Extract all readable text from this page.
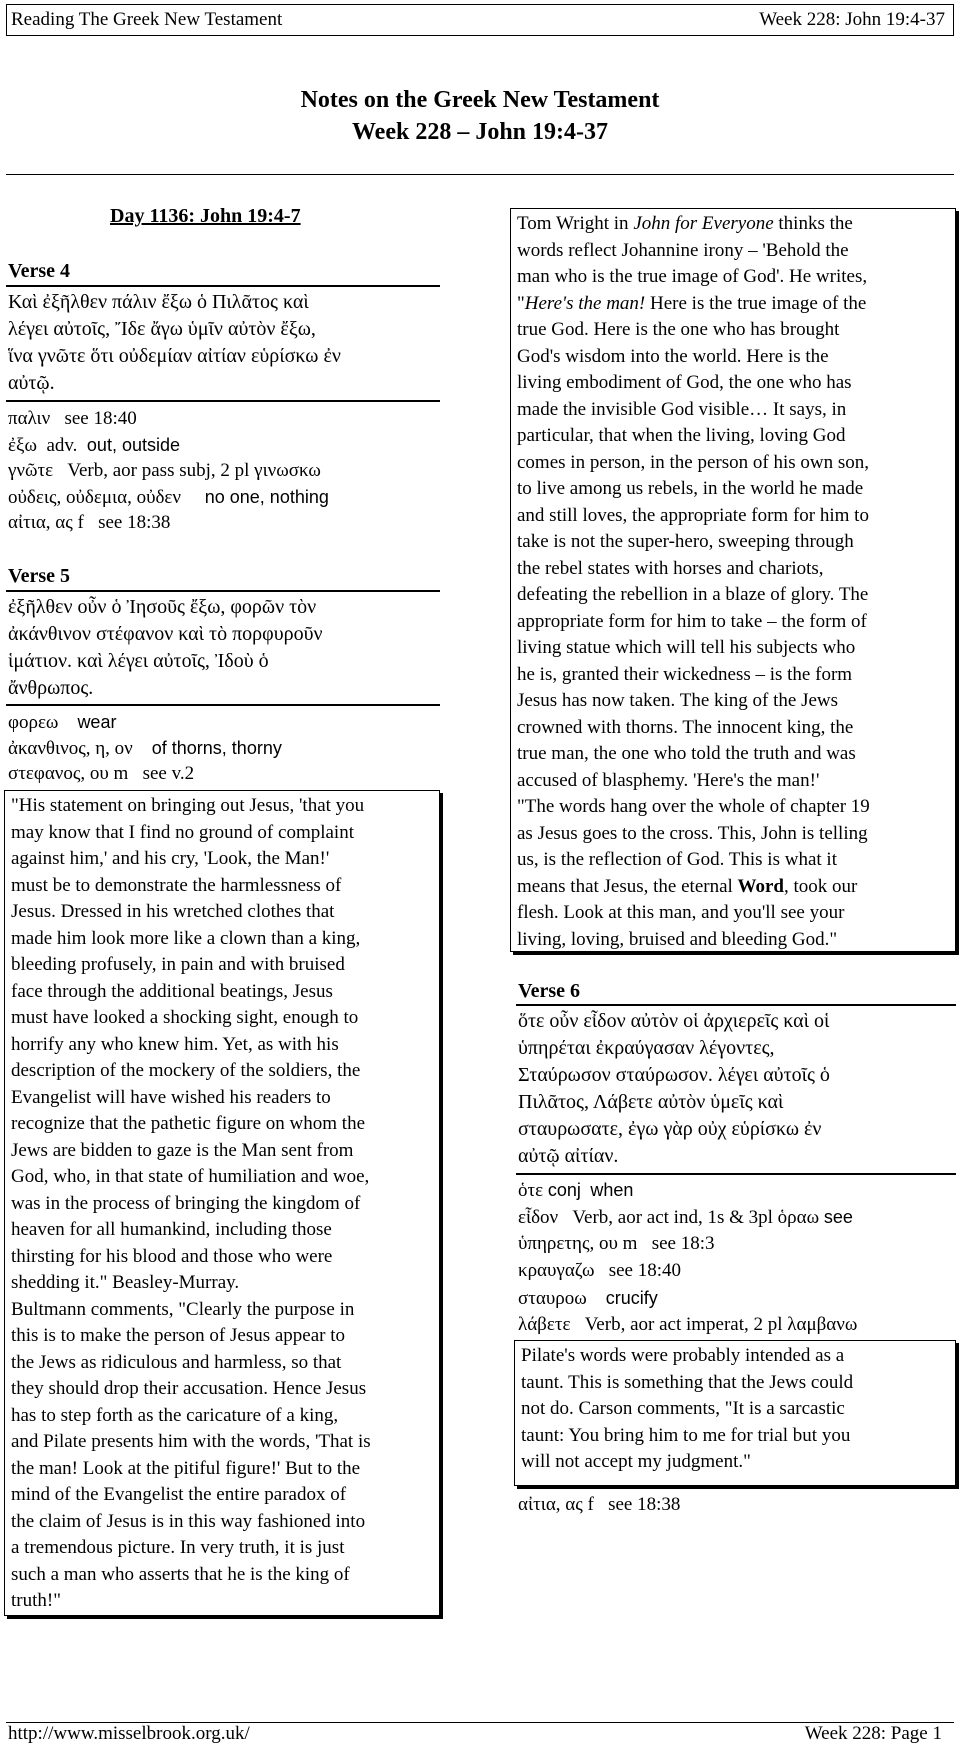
Reading The Greek New Testament	Week 228: John 19:4-37
Notes on the Greek New Testament
Week 228 – John 19:4-37
Day 1136: John 19:4-7
Verse 4
Καὶ ἐξῆλθεν πάλιν ἔξω ὁ Πιλᾶτος καὶ
λέγει αὐτοῖς, Ἴδε ἄγω ὑμῖν αὐτὸν ἔξω,
ἵνα γνῶτε ὅτι οὐδεμίαν αἰτίαν εὑρίσκω ἐν
αὐτῷ.
παλιν see 18:40
ἐξω adv. out, outside
γνῶτε Verb, aor pass subj, 2 pl γινωσκω
οὐδεις, οὐδεμια, οὐδεν no one, nothing
αἰτια, ας f see 18:38
Verse 5
ἐξῆλθεν οὖν ὁ Ἰησοῦς ἔξω, φορῶν τὸν
ἀκάνθινον στέφανον καὶ τὸ πορφυροῦν
ἱμάτιον. καὶ λέγει αὐτοῖς, Ἰδοὺ ὁ
ἄνθρωπος.
φορεω wear
ἀκανθινος, η, ον of thorns, thorny
στεφανος, ου m see v.2

"His statement on bringing out Jesus, 'that you

may know that I find no ground of complaint

against him,' and his cry, 'Look, the Man!'

must be to demonstrate the harmlessness of

Jesus. Dressed in his wretched clothes that

made him look more like a clown than a king,

bleeding profusely, in pain and with bruised

face through the additional beatings, Jesus

must have looked a shocking sight, enough to

horrify any who knew him. Yet, as with his

description of the mockery of the soldiers, the

Evangelist will have wished his readers to

recognize that the pathetic figure on whom the

Jews are bidden to gaze is the Man sent from

God, who, in that state of humiliation and woe,

was in the process of bringing the kingdom of

heaven for all humankind, including those

thirsting for his blood and those who were

shedding it." Beasley-Murray.

Bultmann comments, "Clearly the purpose in

this is to make the person of Jesus appear to

the Jews as ridiculous and harmless, so that

they should drop their accusation. Hence Jesus

has to step forth as the caricature of a king,

and Pilate presents him with the words, 'That is

the man! Look at the pitiful figure!' But to the

mind of the Evangelist the entire paradox of

the claim of Jesus is in this way fashioned into

a tremendous picture. In very truth, it is just

such a man who asserts that he is the king of

truth!"

Tom Wright in John for Everyone thinks the

words reflect Johannine irony – 'Behold the

man who is the true image of God'. He writes,

"Here's the man! Here is the true image of the

true God. Here is the one who has brought

God's wisdom into the world. Here is the

living embodiment of God, the one who has

made the invisible God visible… It says, in

particular, that when the living, loving God

comes in person, in the person of his own son,

to live among us rebels, in the world he made

and still loves, the appropriate form for him to

take is not the super-hero, sweeping through

the rebel states with horses and chariots,

defeating the rebellion in a blaze of glory. The

appropriate form for him to take – the form of

living statue which will tell his subjects who

he is, granted their wickedness – is the form

Jesus has now taken. The king of the Jews

crowned with thorns. The innocent king, the

true man, the one who told the truth and was

accused of blasphemy. 'Here's the man!'

"The words hang over the whole of chapter 19

as Jesus goes to the cross. This, John is telling

us, is the reflection of God. This is what it

means that Jesus, the eternal Word, took our

flesh. Look at this man, and you'll see your

living, loving, bruised and bleeding God."

Verse 6
ὅτε οὖν εἶδον αὐτὸν οἱ ἀρχιερεῖς καὶ οἱ
ὑπηρέται ἐκραύγασαν λέγοντες,
Σταύρωσον σταύρωσον. λέγει αὐτοῖς ὁ
Πιλᾶτος, Λάβετε αὐτὸν ὑμεῖς καὶ
σταυρωσατε, ἐγω γὰρ οὐχ εὑρίσκω ἐν
αὐτῷ αἰτίαν.
ὁτε conj when
εἶδον Verb, aor act ind, 1s & 3pl ὁραω see
ὑπηρετης, ου m see 18:3
κραυγαζω see 18:40
σταυροω crucify
λάβετε Verb, aor act imperat, 2 pl λαμβανω

Pilate's words were probably intended as a

taunt. This is something that the Jews could

not do. Carson comments, "It is a sarcastic

taunt: You bring him to me for trial but you

will not accept my judgment."

αἰτια, ας f see 18:38
http://www.misselbrook.org.uk/	Week 228: Page 1
